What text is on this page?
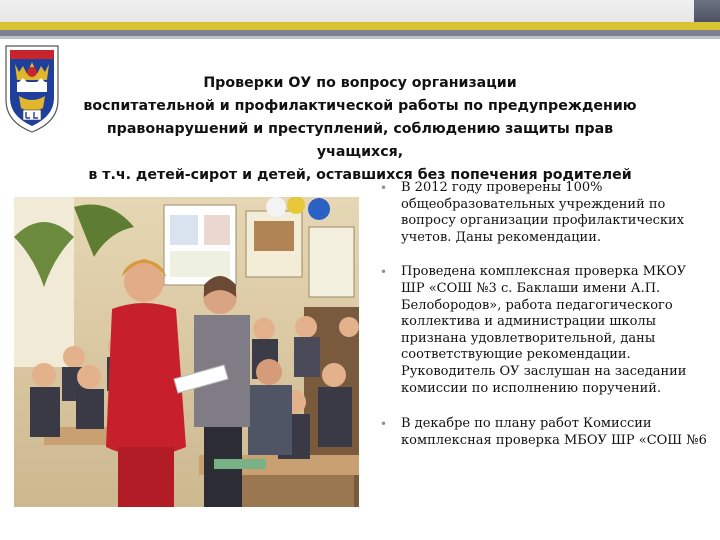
Проверки ОУ по вопросу организации
воспитательной и профилактической работы по предупреждению
правонарушений и преступлений, соблюдению защиты прав учащихся,
в т.ч. детей-сирот и детей, оставшихся без попечения родителей
• В 2012 году проверены 100% общеобразовательных учреждений по вопросу организации профилактических учетов. Даны рекомендации.
• Проведена комплексная проверка МКОУ ШР «СОШ №3 с. Баклаши имени А.П. Белобородов», работа педагогического коллектива и администрации школы признана удовлетворительной, даны соответствующие рекомендации. Руководитель ОУ заслушан на заседании комиссии по исполнению поручений.
• В декабре по плану работ Комиссии комплексная проверка МБОУ ШР «СОШ №6
